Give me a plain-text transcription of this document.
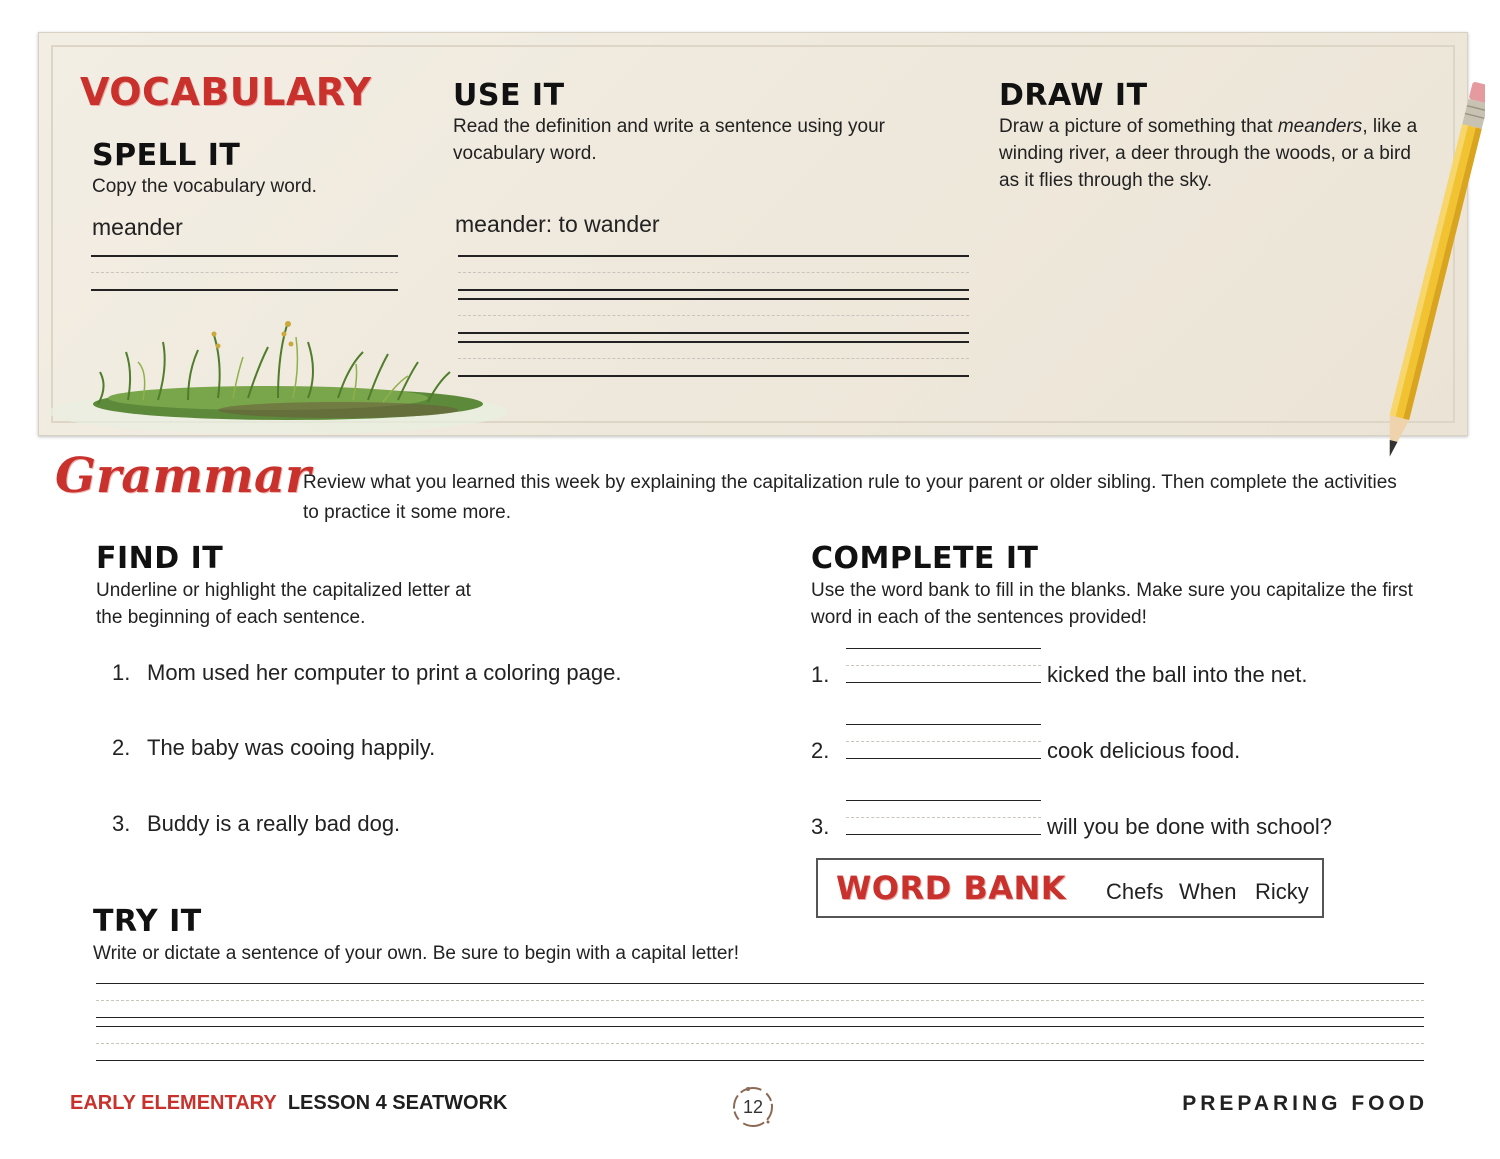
VOCABULARY
SPELL IT
Copy the vocabulary word.
meander
USE IT
Read the definition and write a sentence using your vocabulary word.
meander: to wander
DRAW IT
Draw a picture of something that meanders, like a winding river, a deer through the woods, or a bird as it flies through the sky.
Grammar
Review what you learned this week by explaining the capitalization rule to your parent or older sibling. Then complete the activities to practice it some more.
FIND IT
Underline or highlight the capitalized letter at the beginning of each sentence.
1. Mom used her computer to print a coloring page.
2. The baby was cooing happily.
3. Buddy is a really bad dog.
COMPLETE IT
Use the word bank to fill in the blanks. Make sure you capitalize the first word in each of the sentences provided!
1.	kicked the ball into the net.
2.	cook delicious food.
3.	will you be done with school?
WORD BANK Chefs When Ricky
TRY IT
Write or dictate a sentence of your own. Be sure to begin with a capital letter!
EARLY ELEMENTARY LESSON 4 SEATWORK	12	PREPARING FOOD
